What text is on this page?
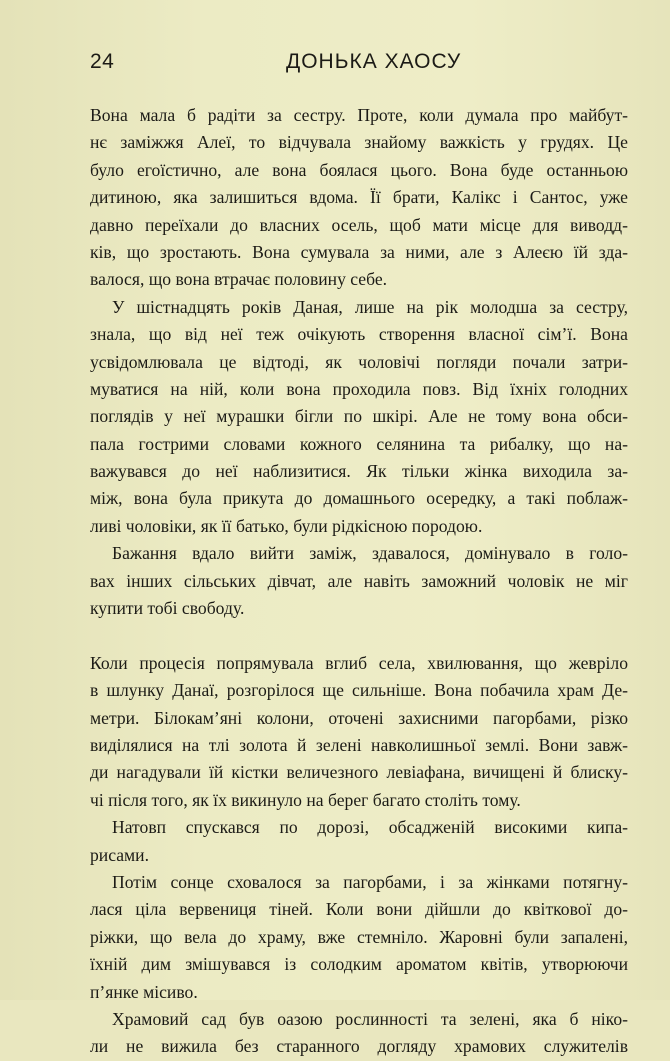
24	ДОНЬКА ХАОСУ
Вона мала б радіти за сестру. Проте, коли думала про майбут-
нє заміжжя Алеї, то відчувала знайому важкість у грудях. Це
було егоїстично, але вона боялася цього. Вона буде останньою
дитиною, яка залишиться вдома. Її брати, Калікс і Сантос, уже
давно переїхали до власних осель, щоб мати місце для виводд-
ків, що зростають. Вона сумувала за ними, але з Алеєю їй зда-
валося, що вона втрачає половину себе.
У шістнадцять років Даная, лише на рік молодша за сестру,
знала, що від неї теж очікують створення власної сім’ї. Вона
усвідомлювала це відтоді, як чоловічі погляди почали затри-
муватися на ній, коли вона проходила повз. Від їхніх голодних
поглядів у неї мурашки бігли по шкірі. Але не тому вона обси-
пала гострими словами кожного селянина та рибалку, що на-
важувався до неї наблизитися. Як тільки жінка виходила за-
між, вона була прикута до домашнього осередку, а такі поблаж-
ливі чоловіки, як її батько, були рідкісною породою.
Бажання вдало вийти заміж, здавалося, домінувало в голо-
вах інших сільських дівчат, але навіть заможний чоловік не міг
купити тобі свободу.
Коли процесія попрямувала вглиб села, хвилювання, що жевріло
в шлунку Данаї, розгорілося ще сильніше. Вона побачила храм Де-
метри. Білокам’яні колони, оточені захисними пагорбами, різко
виділялися на тлі золота й зелені навколишньої землі. Вони завж-
ди нагадували їй кістки величезного левіафана, вичищені й блиску-
чі після того, як їх викинуло на берег багато століть тому.
Натовп спускався по дорозі, обсадженій високими кипа-
рисами.
Потім сонце сховалося за пагорбами, і за жінками потягну-
лася ціла вервениця тіней. Коли вони дійшли до квіткової до-
ріжки, що вела до храму, вже стемніло. Жаровні були запалені,
їхній дим змішувався із солодким ароматом квітів, утворюючи
п’янке місиво.
Храмовий сад був оазою рослинності та зелені, яка б ніко-
ли не вижила без старанного догляду храмових служителів
